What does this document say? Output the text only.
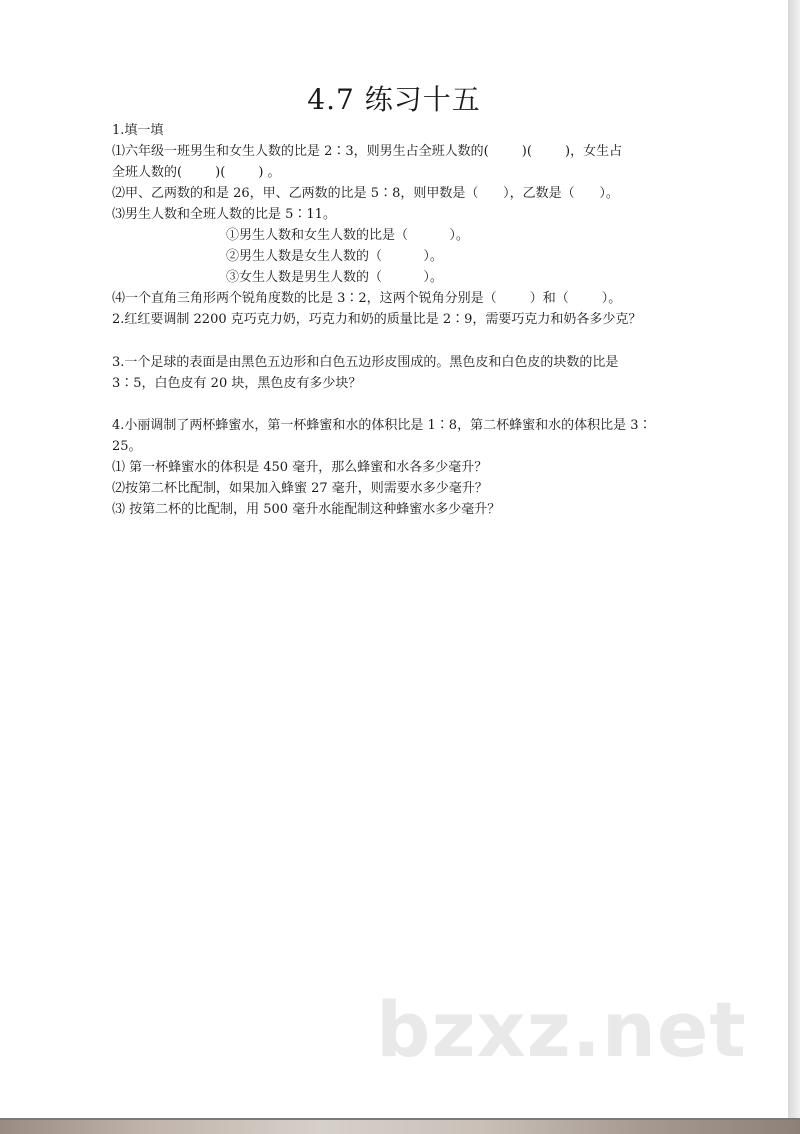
4.7 练习十五
1.填一填
⑴六年级一班男生和女生人数的比是 2∶3，则男生占全班人数的(        )(        )，女生占
全班人数的(        )(        ) 。
⑵甲、乙两数的和是 26，甲、乙两数的比是 5∶8，则甲数是（      ），乙数是（      ）。
⑶男生人数和全班人数的比是 5∶11。
①男生人数和女生人数的比是（          ）。
②男生人数是女生人数的（          ）。
③女生人数是男生人数的（          ）。
⑷一个直角三角形两个锐角度数的比是 3∶2，这两个锐角分别是（        ）和（        ）。
2.红红要调制 2200 克巧克力奶，巧克力和奶的质量比是 2∶9，需要巧克力和奶各多少克？
3.一个足球的表面是由黑色五边形和白色五边形皮围成的。黑色皮和白色皮的块数的比是
3∶5，白色皮有 20 块，黑色皮有多少块？
4.小丽调制了两杯蜂蜜水，第一杯蜂蜜和水的体积比是 1∶8，第二杯蜂蜜和水的体积比是 3∶
25。
⑴ 第一杯蜂蜜水的体积是 450 毫升，那么蜂蜜和水各多少毫升？
⑵按第二杯比配制，如果加入蜂蜜 27 毫升，则需要水多少毫升？
⑶ 按第二杯的比配制，用 500 毫升水能配制这种蜂蜜水多少毫升？
bzxz.net
